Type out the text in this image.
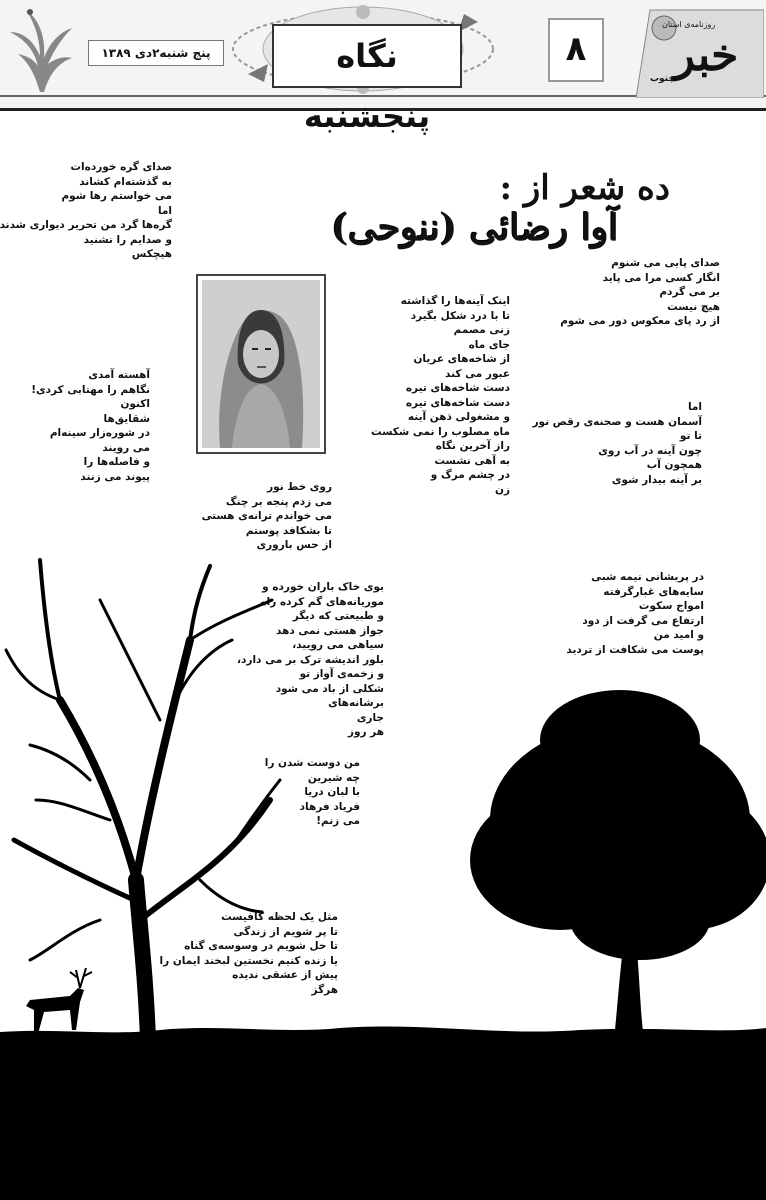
پنج شنبه۲دی ۱۳۸۹	نگاه پنجشنبه
۸
روزنامه‌ی استان
خبر
جنوب
ده شعر از :
آوا رضائی (ننوحی)
صدای گره خورده‌ات
به گذشته‌ام کشاند
می خواستم رها شوم
اما
گره‌ها گرد من تحریر دیواری شدند
و صدایم را نشنید
هیچکس
صدای پایی می شنوم
انگار کسی مرا می پاید
بر می گردم
هیچ نیست
از رد پای معکوس دور می شوم
اینک آینه‌ها را گذاشته
تا با درد شکل بگیرد
زنی مصمم
جای ماه
از شاخه‌های عریان
عبور می کند
دست شاخه‌های تیره
دست شاخه‌های تیره
و مشغولی ذهن آینه
ماه مصلوب را نمی شکست
راز آخرین نگاه
به آهی نشست
در چشم مرگ و
زن
آهسته آمدی
نگاهم را مهتابی کردی!
اکنون
شقایق‌ها
در شوره‌زار سینه‌ام
می رویند
و فاصله‌ها را
پیوند می زنند
اما
آسمان هست و صحنه‌ی رقص نور
تا تو
چون آینه در آب روی
همچون آب
بر آینه بیدار شوی
روی خط نور
می زدم پنجه بر چنگ
می خواندم ترانه‌ی هستی
تا بشکافد پوستم
از حس باروری
بوی خاک باران خورده و
موریانه‌های گم کرده راه
و طبیعتی که دیگر
جواز هستی نمی دهد
سیاهی می رویید،
بلور اندیشه ترک بر می دارد،
و زخمه‌ی آواز تو
شکلی از باد می شود
برشانه‌های
جاری
هر روز
در پریشانی نیمه شبی
سایه‌های غبارگرفته
امواج سکوت
ارتفاع می گرفت از دود
و امید من
پوست می شکافت از تردید
من دوست شدن را
چه شیرین
با لبان دریا
فریاد فرهاد
می زنم!
مثل یک لحظه کافیست
تا پر شویم از زندگی
تا حل شویم در وسوسه‌ی گناه
یا زنده کنیم نخستین لبخند ایمان را
پیش از عشقی ندیده
هرگز
